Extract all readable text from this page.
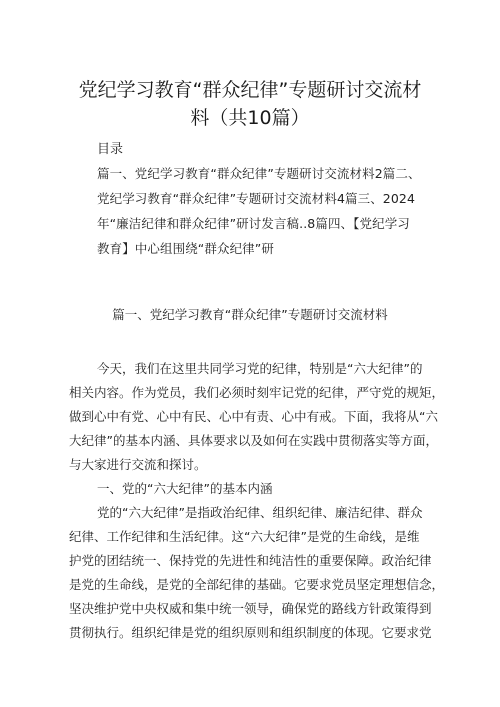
党纪学习教育“群众纪律”专题研讨交流材
料（共10篇）
目录
篇一、党纪学习教育“群众纪律”专题研讨交流材料2篇二、
党纪学习教育“群众纪律”专题研讨交流材料4篇三、2024
年“廉洁纪律和群众纪律”研讨发言稿..8篇四、【党纪学习
教育】中心组围绕“群众纪律”研
篇一、党纪学习教育“群众纪律”专题研讨交流材料
今天，我们在这里共同学习党的纪律，特别是“六大纪律”的
相关内容。作为党员，我们必须时刻牢记党的纪律，严守党的规矩，
做到心中有党、心中有民、心中有责、心中有戒。下面，我将从“六
大纪律”的基本内涵、具体要求以及如何在实践中贯彻落实等方面，
与大家进行交流和探讨。
一、党的“六大纪律”的基本内涵
党的“六大纪律”是指政治纪律、组织纪律、廉洁纪律、群众
纪律、工作纪律和生活纪律。这“六大纪律”是党的生命线，是维
护党的团结统一、保持党的先进性和纯洁性的重要保障。政治纪律
是党的生命线，是党的全部纪律的基础。它要求党员坚定理想信念，
坚决维护党中央权威和集中统一领导，确保党的路线方针政策得到
贯彻执行。组织纪律是党的组织原则和组织制度的体现。它要求党
